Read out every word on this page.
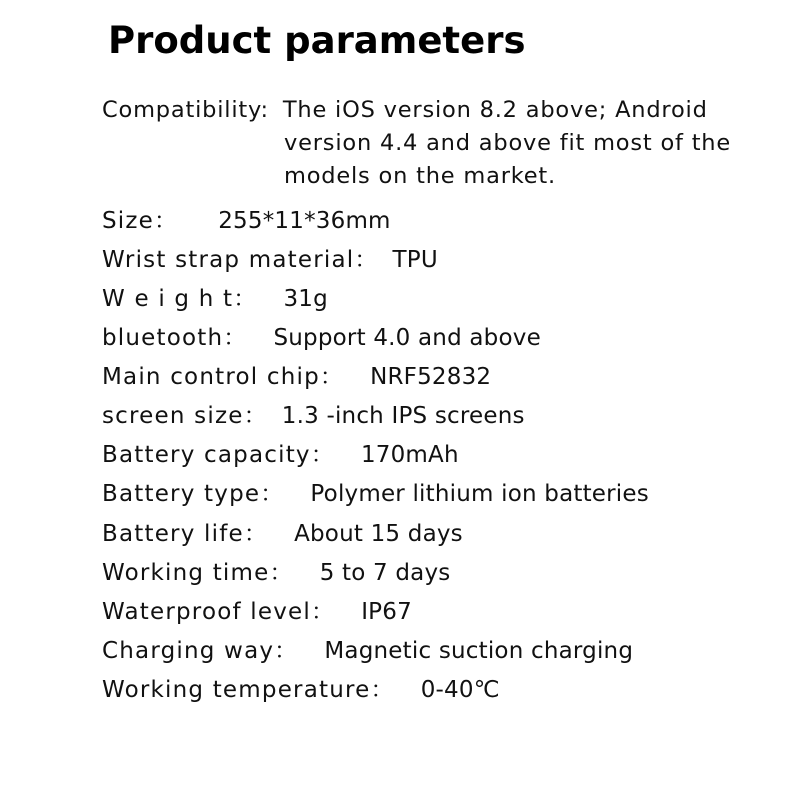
Product parameters
Compatibility: The iOS version 8.2 above; Android
version 4.4 and above fit most of the
models on the market.
Size： 255*11*36mm
Wrist strap material： TPU
W e i g h t： 31g
bluetooth： Support 4.0 and above
Main control chip： NRF52832
screen size： 1.3 -inch IPS screens
Battery capacity： 170mAh
Battery type： Polymer lithium ion batteries
Battery life： About 15 days
Working time： 5 to 7 days
Waterproof level： IP67
Charging way： Magnetic suction charging
Working temperature： 0-40℃
